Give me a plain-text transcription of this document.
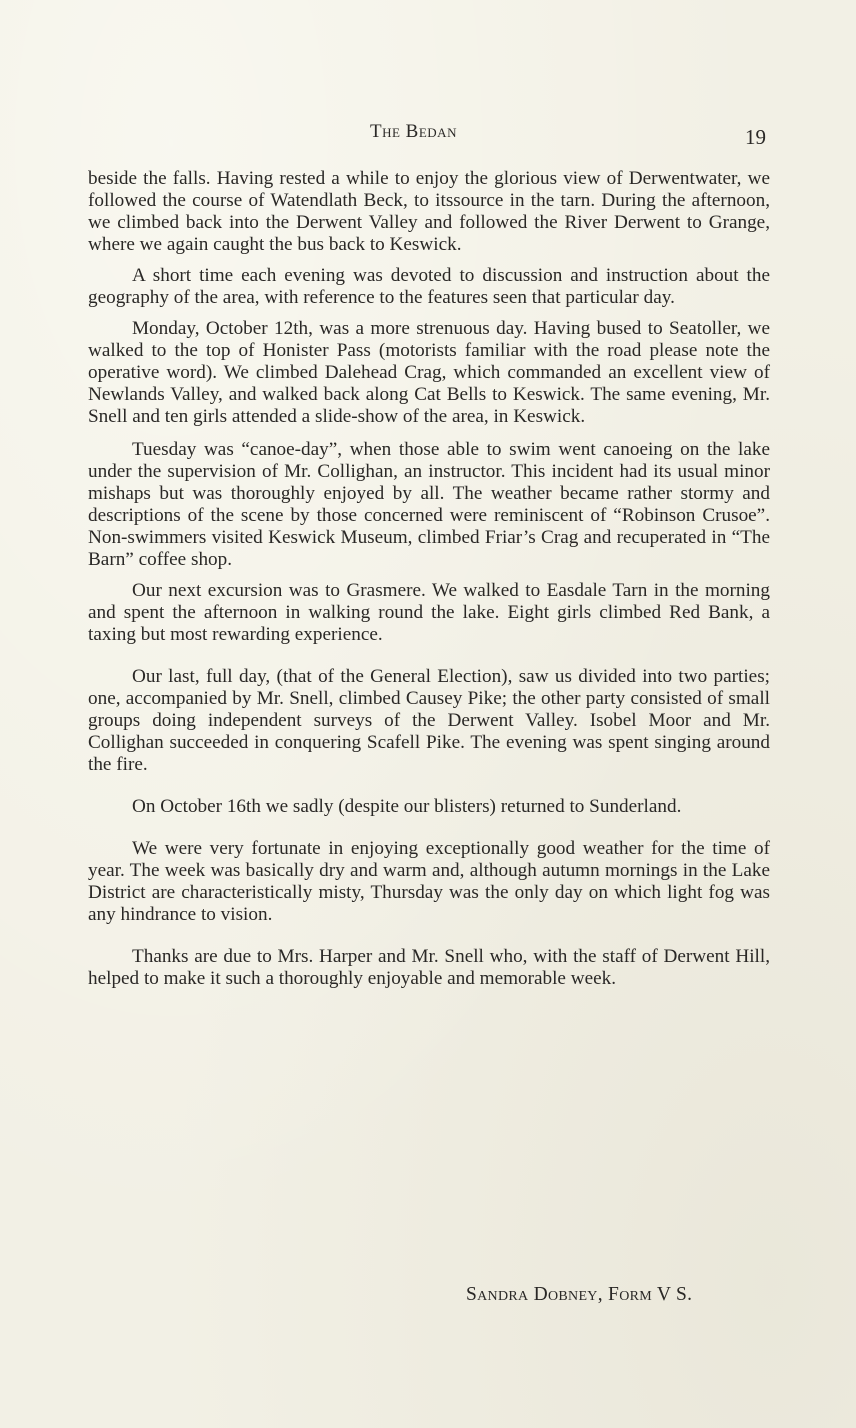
The Bedan	19

beside the falls. Having rested a while to enjoy the glorious view of Derwentwater, we followed the course of Watendlath Beck, to itssource in the tarn. During the afternoon, we climbed back into the Derwent Valley and followed the River Derwent to Grange, where we again caught the bus back to Keswick.

A short time each evening was devoted to discussion and instruction about the geography of the area, with reference to the features seen that particular day.

Monday, October 12th, was a more strenuous day. Having bused to Seatoller, we walked to the top of Honister Pass (motorists familiar with the road please note the operative word). We climbed Dalehead Crag, which commanded an excellent view of Newlands Valley, and walked back along Cat Bells to Keswick. The same evening, Mr. Snell and ten girls attended a slide-show of the area, in Keswick.

Tuesday was “canoe-day”, when those able to swim went canoeing on the lake under the supervision of Mr. Collighan, an instructor. This incident had its usual minor mishaps but was thoroughly enjoyed by all. The weather became rather stormy and descriptions of the scene by those concerned were reminiscent of “Robinson Crusoe”. Non-swimmers visited Keswick Museum, climbed Friar’s Crag and recuperated in “The Barn” coffee shop.

Our next excursion was to Grasmere. We walked to Easdale Tarn in the morning and spent the afternoon in walking round the lake. Eight girls climbed Red Bank, a taxing but most rewarding experience.

Our last, full day, (that of the General Election), saw us divided into two parties; one, accompanied by Mr. Snell, climbed Causey Pike; the other party consisted of small groups doing independent surveys of the Derwent Valley. Isobel Moor and Mr. Collighan succeeded in conquering Scafell Pike. The evening was spent singing around the fire.

On October 16th we sadly (despite our blisters) returned to Sunderland.

We were very fortunate in enjoying exceptionally good weather for the time of year. The week was basically dry and warm and, although autumn mornings in the Lake District are characteristically misty, Thursday was the only day on which light fog was any hindrance to vision.

Thanks are due to Mrs. Harper and Mr. Snell who, with the staff of Derwent Hill, helped to make it such a thoroughly enjoyable and memorable week.

Sandra Dobney, Form V S.
